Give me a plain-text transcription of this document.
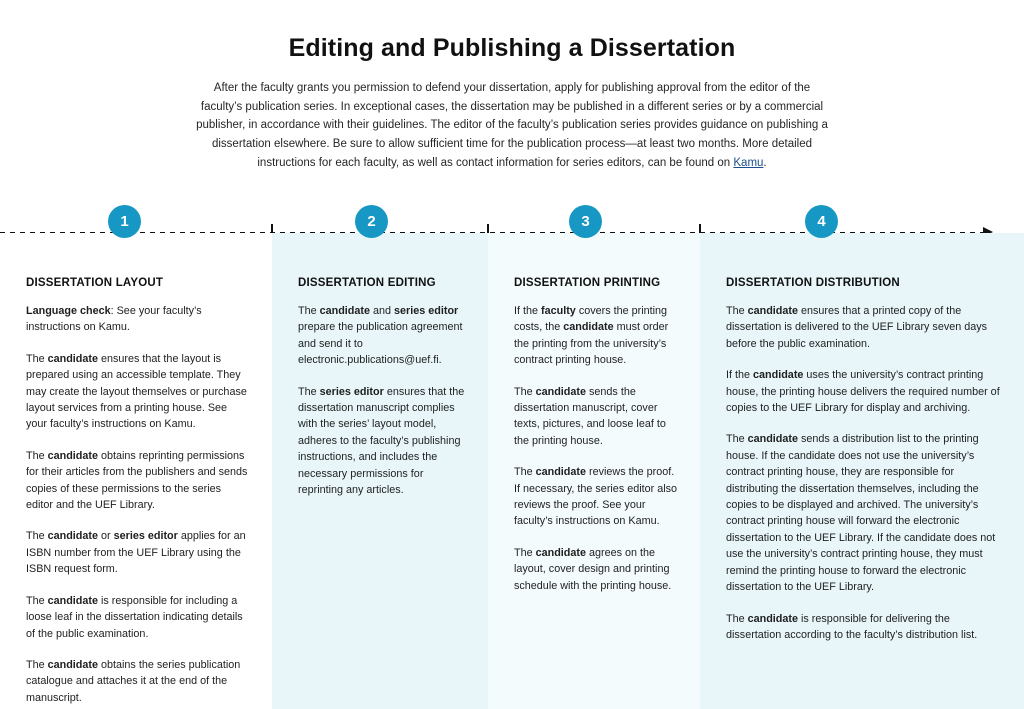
Editing and Publishing a Dissertation

After the faculty grants you permission to defend your dissertation, apply for publishing approval from the editor of the faculty’s publication series. In exceptional cases, the dissertation may be published in a different series or by a commercial publisher, in accordance with their guidelines. The editor of the faculty’s publication series provides guidance on publishing a dissertation elsewhere. Be sure to allow sufficient time for the publication process—at least two months. More detailed instructions for each faculty, as well as contact information for series editors, can be found on Kamu.

1
DISSERTATION LAYOUT

Language check: See your faculty’s instructions on Kamu.

The candidate ensures that the layout is prepared using an accessible template. They may create the layout themselves or purchase layout services from a printing house. See your faculty’s instructions on Kamu.

The candidate obtains reprinting permissions for their articles from the publishers and sends copies of these permissions to the series editor and the UEF Library.

The candidate or series editor applies for an ISBN number from the UEF Library using the ISBN request form.

The candidate is responsible for including a loose leaf in the dissertation indicating details of the public examination.

The candidate obtains the series publication catalogue and attaches it at the end of the manuscript.

2
DISSERTATION EDITING

The candidate and series editor prepare the publication agreement and send it to electronic.publications@uef.fi.

The series editor ensures that the dissertation manuscript complies with the series’ layout model, adheres to the faculty’s publishing instructions, and includes the necessary permissions for reprinting any articles.

3
DISSERTATION PRINTING

If the faculty covers the printing costs, the candidate must order the printing from the university’s contract printing house.

The candidate sends the dissertation manuscript, cover texts, pictures, and loose leaf to the printing house.

The candidate reviews the proof. If necessary, the series editor also reviews the proof. See your faculty’s instructions on Kamu.

The candidate agrees on the layout, cover design and printing schedule with the printing house.

4
DISSERTATION DISTRIBUTION

The candidate ensures that a printed copy of the dissertation is delivered to the UEF Library seven days before the public examination.

If the candidate uses the university’s contract printing house, the printing house delivers the required number of copies to the UEF Library for display and archiving.

The candidate sends a distribution list to the printing house. If the candidate does not use the university’s contract printing house, they are responsible for distributing the dissertation themselves, including the copies to be displayed and archived. The university’s contract printing house will forward the electronic dissertation to the UEF Library. If the candidate does not use the university’s contract printing house, they must remind the printing house to forward the electronic dissertation to the UEF Library.

The candidate is responsible for delivering the dissertation according to the faculty’s distribution list.
